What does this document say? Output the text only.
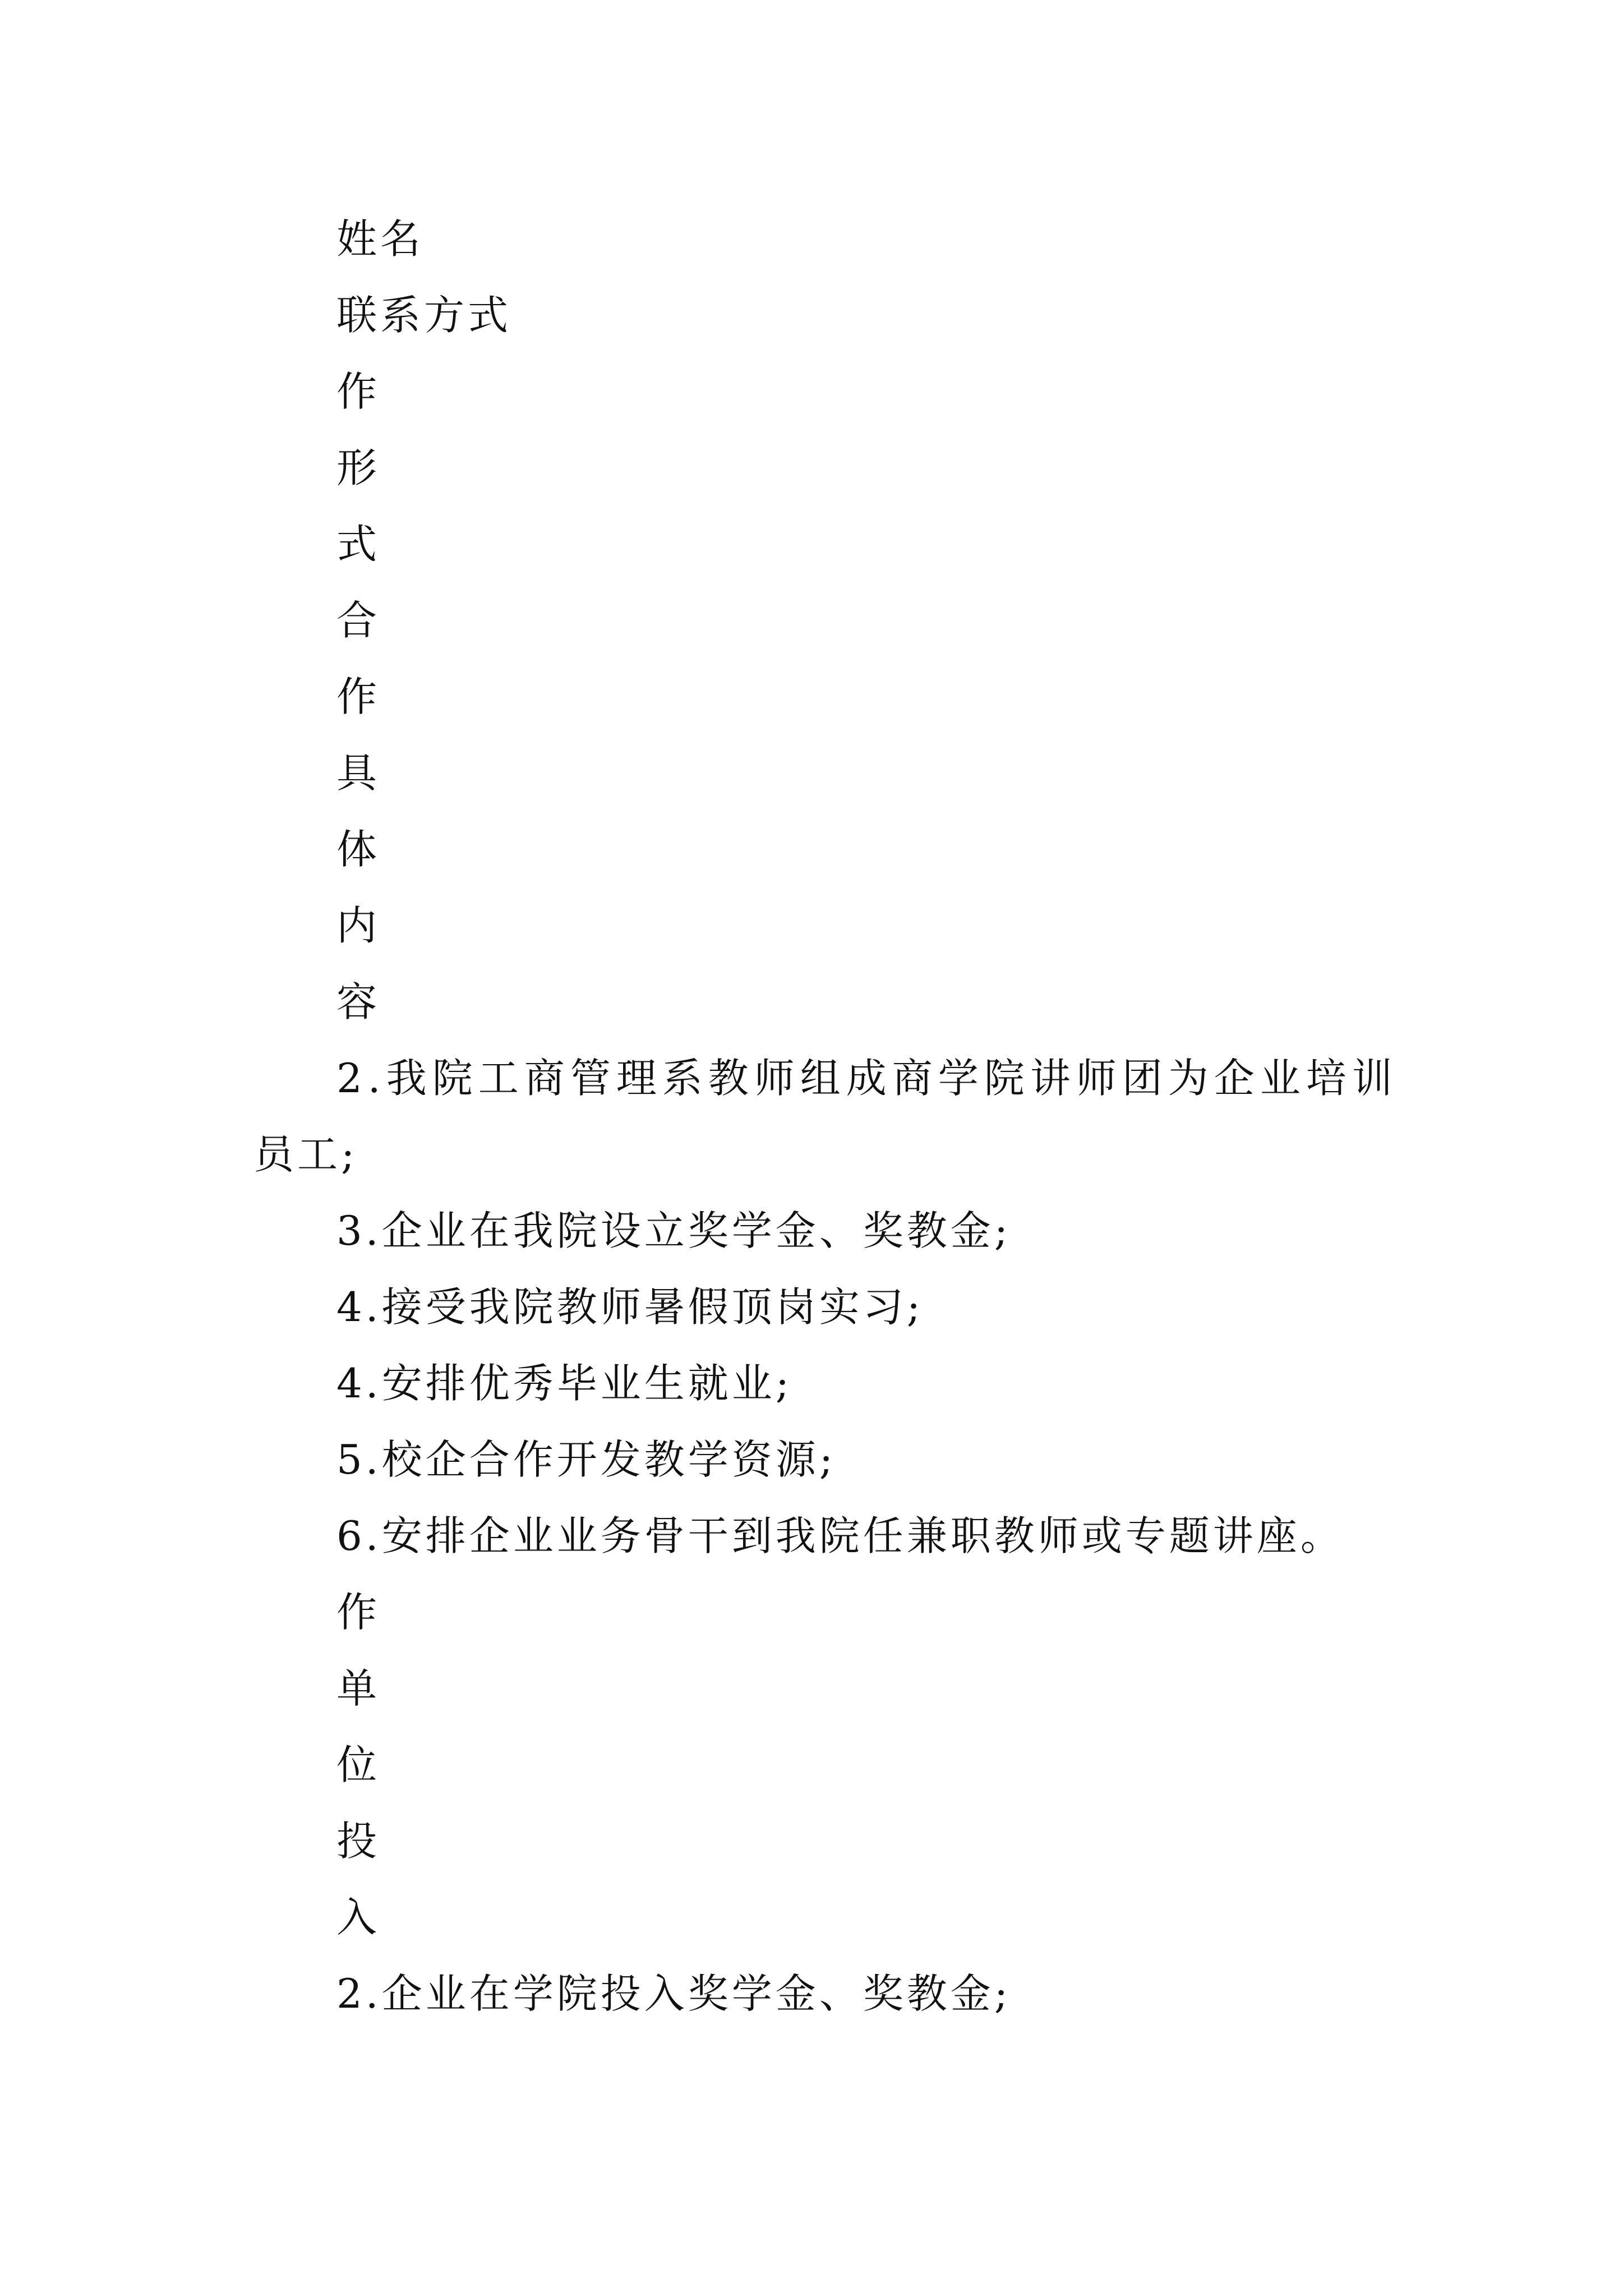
姓名
联系方式
作
形
式
合
作
具
体
内
容
2.我院工商管理系教师组成商学院讲师团为企业培训
员工;
3.企业在我院设立奖学金、奖教金;
4.接受我院教师暑假顶岗实习;
4.安排优秀毕业生就业;
5.校企合作开发教学资源;
6.安排企业业务骨干到我院任兼职教师或专题讲座。
作
单
位
投
入
2.企业在学院投入奖学金、奖教金;
